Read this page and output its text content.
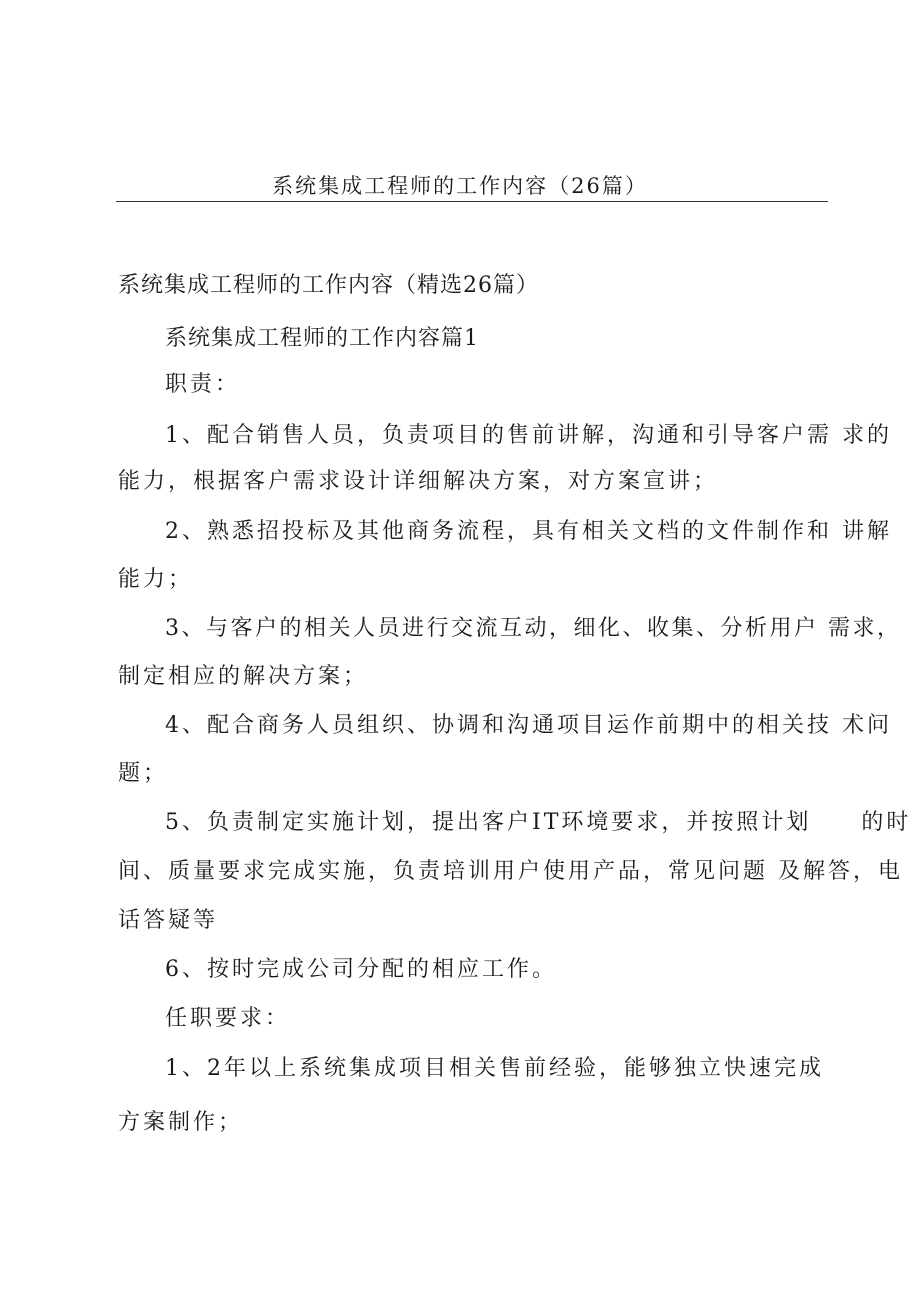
系统集成工程师的工作内容（26篇）
系统集成工程师的工作内容（精选26篇）
系统集成工程师的工作内容篇1
职责：
1、配合销售人员，负责项目的售前讲解，沟通和引导客户需 求的
能力，根据客户需求设计详细解决方案，对方案宣讲；
2、熟悉招投标及其他商务流程，具有相关文档的文件制作和 讲解
能力；
3、与客户的相关人员进行交流互动，细化、收集、分析用户 需求，
制定相应的解决方案；
4、配合商务人员组织、协调和沟通项目运作前期中的相关技 术问
题；
5、负责制定实施计划，提出客户IT环境要求，并按照计划　　的时
间、质量要求完成实施，负责培训用户使用产品，常见问题 及解答，电
话答疑等
6、按时完成公司分配的相应工作。
任职要求：
1、2年以上系统集成项目相关售前经验，能够独立快速完成
方案制作；
